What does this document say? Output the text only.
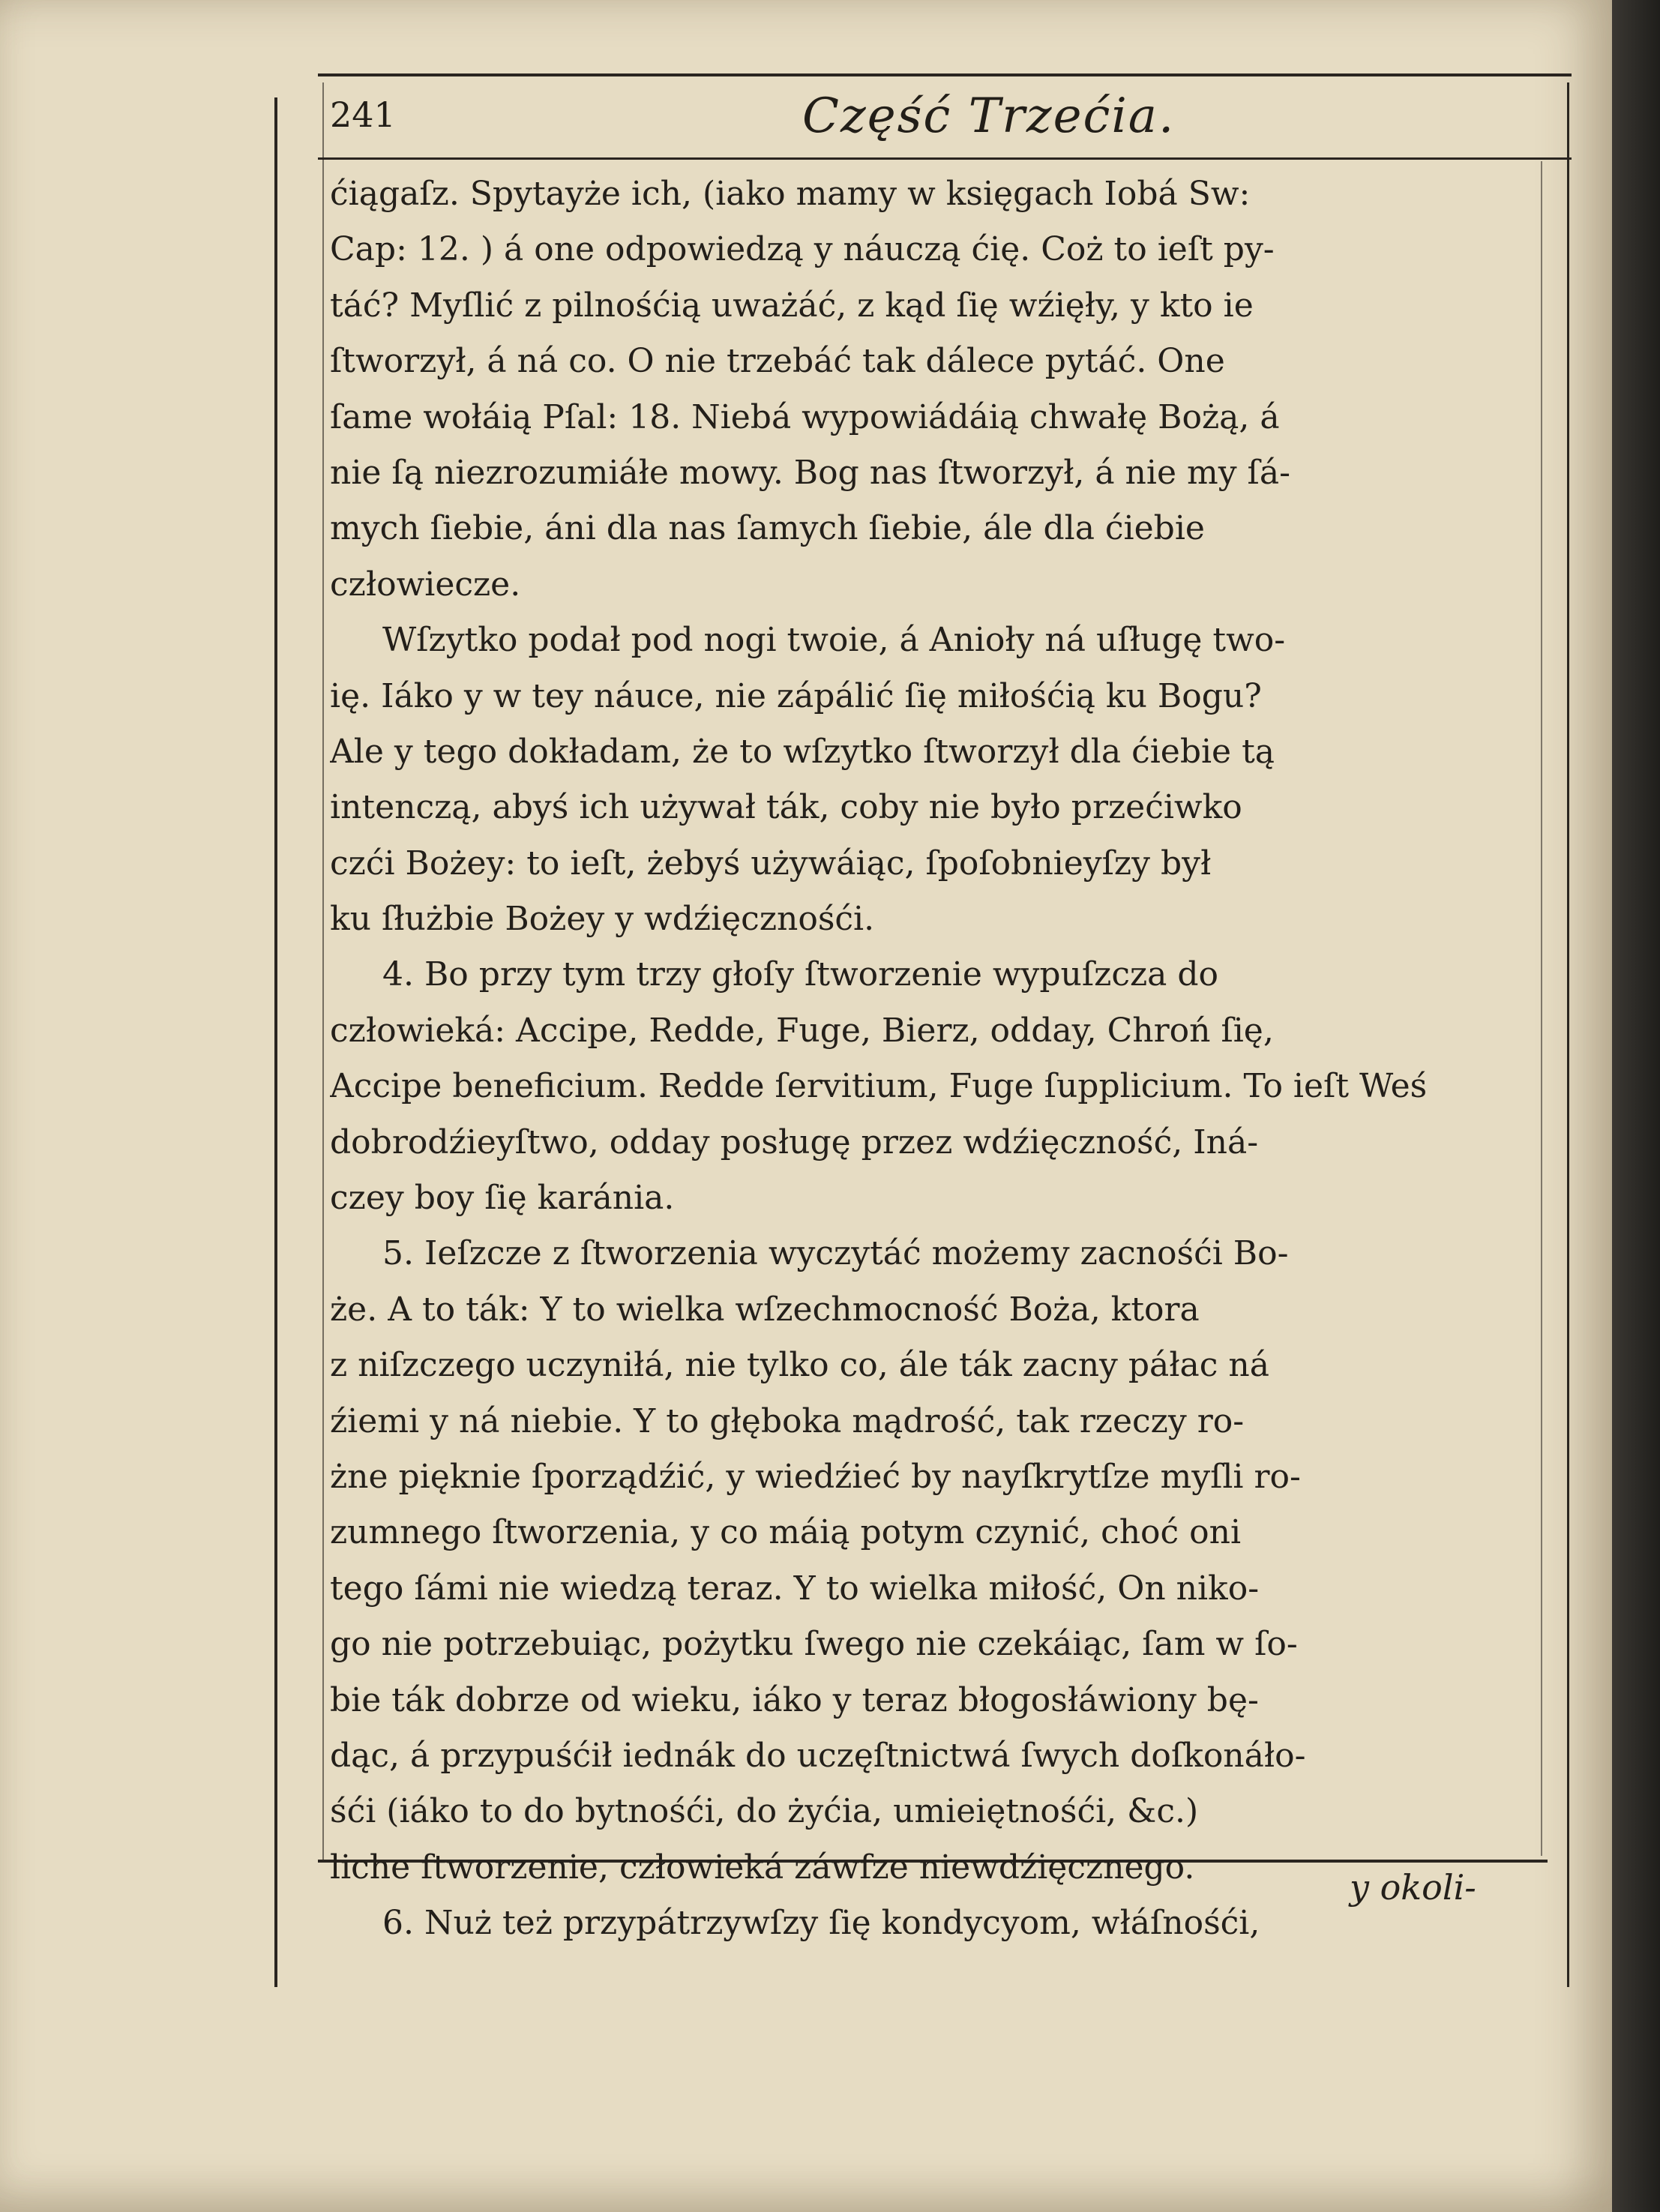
241	Część Trzećia.
ćiągaſz. Spytayże ich, (iako mamy w księgach Iobá Sw:
Cap: 12. ) á one odpowiedzą y náuczą ćię. Coż to ieſt py-
táć? Myſlić z pilnośćią uważáć, z kąd ſię wźięły, y kto ie
ſtworzył, á ná co. O nie trzebáć tak dálece pytáć. One
ſame wołáią Pſal: 18. Niebá wypowiádáią chwałę Bożą, á
nie ſą niezrozumiáłe mowy. Bog nas ſtworzył, á nie my ſá-
mych ſiebie, áni dla nas ſamych ſiebie, ále dla ćiebie
człowiecze.
Wſzytko podał pod nogi twoie, á Anioły ná uſługę two-
ię. Iáko y w tey náuce, nie zápálić ſię miłośćią ku Bogu?
Ale y tego dokładam, że to wſzytko ſtworzył dla ćiebie tą
intenczą, abyś ich używał ták, coby nie było przećiwko
czći Bożey: to ieſt, żebyś używáiąc, ſpoſobnieyſzy był
ku ſłużbie Bożey y wdźięcznośći.
4. Bo przy tym trzy głoſy ſtworzenie wypuſzcza do
człowieká: Accipe, Redde, Fuge, Bierz, odday, Chroń ſię,
Accipe beneficium. Redde ſervitium, Fuge ſupplicium. To ieſt Weś
dobrodźieyſtwo, odday posługę przez wdźięczność, Iná-
czey boy ſię karánia.
5. Ieſzcze z ſtworzenia wyczytáć możemy zacnośći Bo-
że. A to ták: Y to wielka wſzechmocność Boża, ktora
z niſzczego uczyniłá, nie tylko co, ále ták zacny páłac ná
źiemi y ná niebie. Y to głęboka mądrość, tak rzeczy ro-
żne pięknie ſporządźić, y wiedźieć by nayſkrytſze myſli ro-
zumnego ſtworzenia, y co máią potym czynić, choć oni
tego ſámi nie wiedzą teraz. Y to wielka miłość, On niko-
go nie potrzebuiąc, pożytku ſwego nie czekáiąc, ſam w ſo-
bie ták dobrze od wieku, iáko y teraz błogosłáwiony bę-
dąc, á przypuśćił iednák do uczęſtnictwá ſwych doſkonáło-
śći (iáko to do bytnośći, do żyćia, umieiętnośći, &c.)
liche ſtworzenie, człowieká záwſze niewdźięcznego.
6. Nuż też przypátrzywſzy ſię kondycyom, włáſnośći,
y okoli-
